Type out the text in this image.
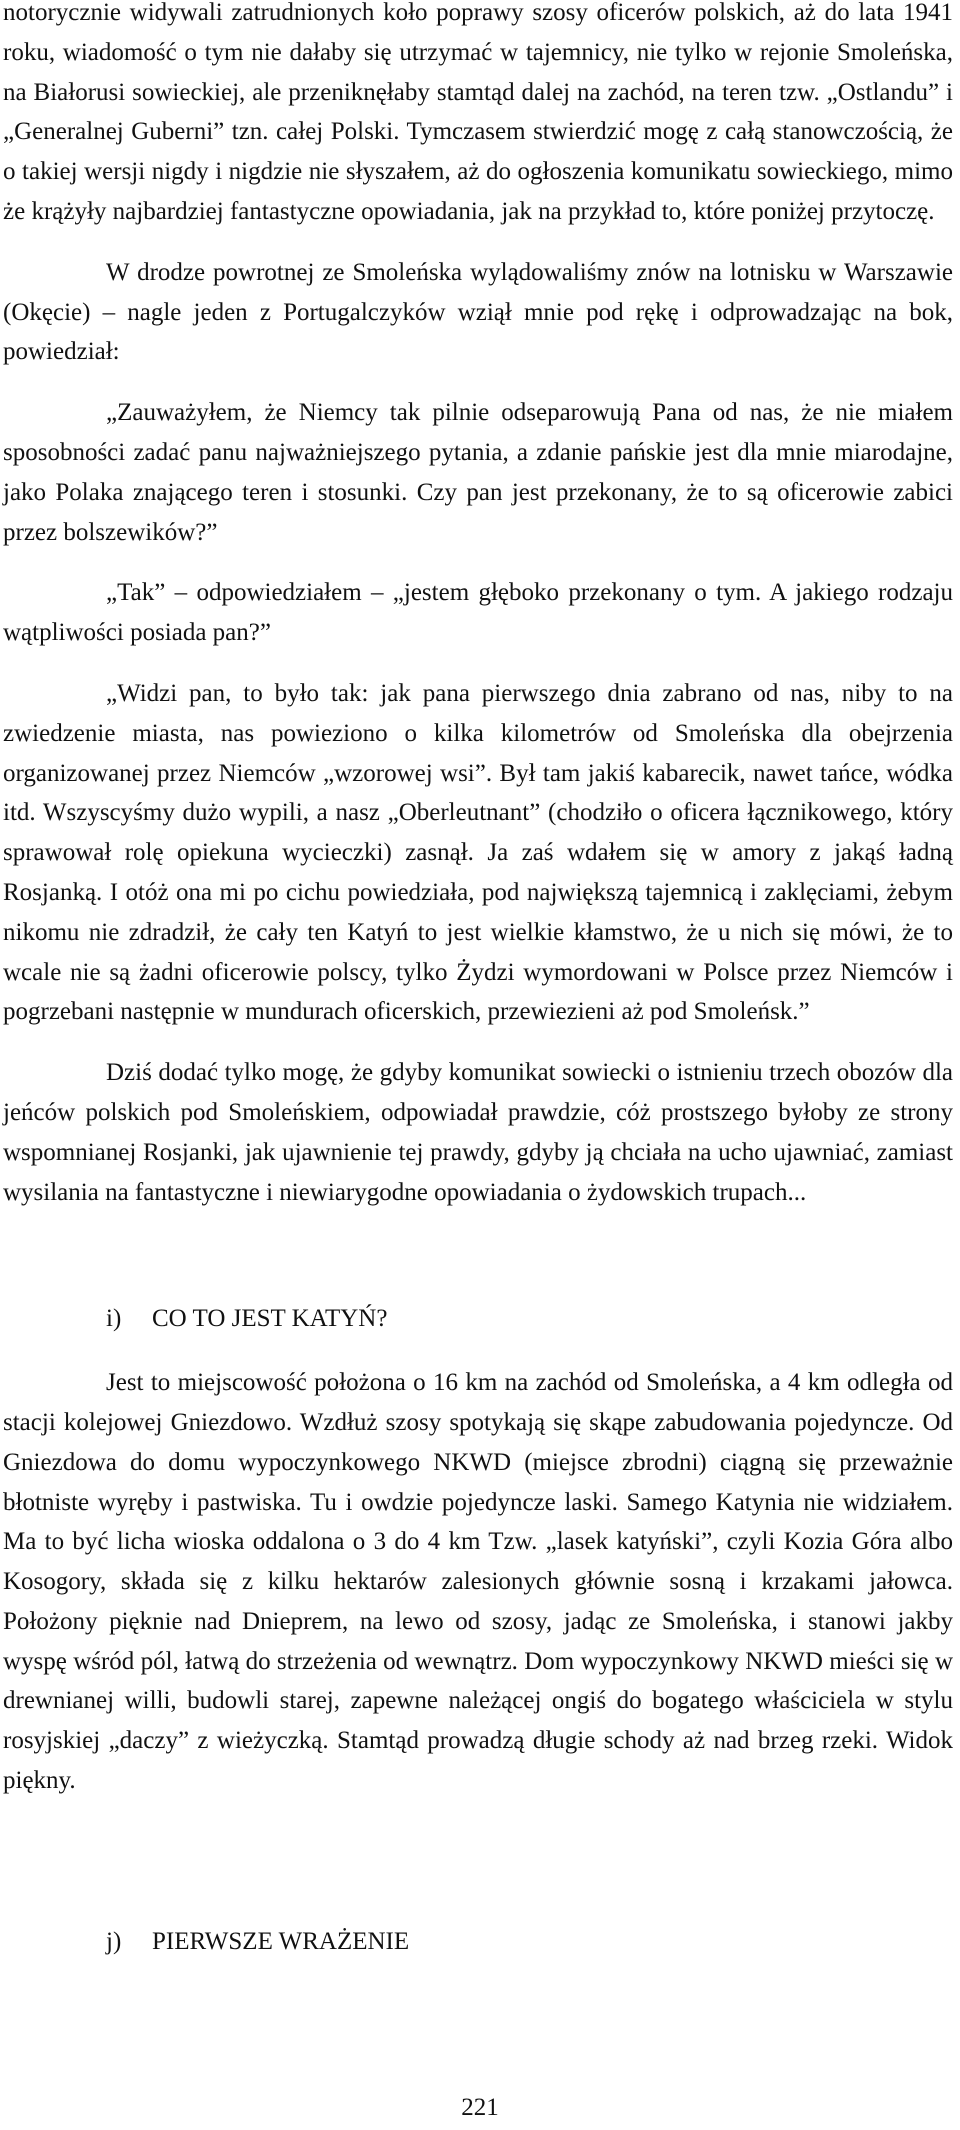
notorycznie widywali zatrudnionych koło poprawy szosy oficerów polskich, aż do lata 1941 roku, wiadomość o tym nie dałaby się utrzymać w tajemnicy, nie tylko w rejonie Smoleńska, na Białorusi sowieckiej, ale przeniknęłaby stamtąd dalej na zachód, na teren tzw. „Ostlandu” i „Generalnej Guberni” tzn. całej Polski. Tymczasem stwierdzić mogę z całą stanowczością, że o takiej wersji nigdy i nigdzie nie słyszałem, aż do ogłoszenia komunikatu sowieckiego, mimo że krążyły najbardziej fantastyczne opowiadania, jak na przykład to, które poniżej przytoczę.

W drodze powrotnej ze Smoleńska wylądowaliśmy znów na lotnisku w Warszawie (Okęcie) – nagle jeden z Portugalczyków wziął mnie pod rękę i odprowadzając na bok, powiedział:

„Zauważyłem, że Niemcy tak pilnie odseparowują Pana od nas, że nie miałem sposobności zadać panu najważniejszego pytania, a zdanie pańskie jest dla mnie miarodajne, jako Polaka znającego teren i stosunki. Czy pan jest przekonany, że to są oficerowie zabici przez bolszewików?”

„Tak” – odpowiedziałem – „jestem głęboko przekonany o tym. A jakiego rodzaju wątpliwości posiada pan?”

„Widzi pan, to było tak: jak pana pierwszego dnia zabrano od nas, niby to na zwiedzenie miasta, nas powieziono o kilka kilometrów od Smoleńska dla obejrzenia organizowanej przez Niemców „wzorowej wsi”. Był tam jakiś kabarecik, nawet tańce, wódka itd. Wszyscyśmy dużo wypili, a nasz „Oberleutnant” (chodziło o oficera łącznikowego, który sprawował rolę opiekuna wycieczki) zasnął. Ja zaś wdałem się w amory z jakąś ładną Rosjanką. I otóż ona mi po cichu powiedziała, pod największą tajemnicą i zaklęciami, żebym nikomu nie zdradził, że cały ten Katyń to jest wielkie kłamstwo, że u nich się mówi, że to wcale nie są żadni oficerowie polscy, tylko Żydzi wymordowani w Polsce przez Niemców i pogrzebani następnie w mundurach oficerskich, przewiezieni aż pod Smoleńsk.”

Dziś dodać tylko mogę, że gdyby komunikat sowiecki o istnieniu trzech obozów dla jeńców polskich pod Smoleńskiem, odpowiadał prawdzie, cóż prostszego byłoby ze strony wspomnianej Rosjanki, jak ujawnienie tej prawdy, gdyby ją chciała na ucho ujawniać, zamiast wysilania na fantastyczne i niewiarygodne opowiadania o żydowskich trupach...

i) CO TO JEST KATYŃ?

Jest to miejscowość położona o 16 km na zachód od Smoleńska, a 4 km odległa od stacji kolejowej Gniezdowo. Wzdłuż szosy spotykają się skąpe zabudowania pojedyncze. Od Gniezdowa do domu wypoczynkowego NKWD (miejsce zbrodni) ciągną się przeważnie błotniste wyręby i pastwiska. Tu i owdzie pojedyncze laski. Samego Katynia nie widziałem. Ma to być licha wioska oddalona o 3 do 4 km Tzw. „lasek katyński”, czyli Kozia Góra albo Kosogory, składa się z kilku hektarów zalesionych głównie sosną i krzakami jałowca. Położony pięknie nad Dnieprem, na lewo od szosy, jadąc ze Smoleńska, i stanowi jakby wyspę wśród pól, łatwą do strzeżenia od wewnątrz. Dom wypoczynkowy NKWD mieści się w drewnianej willi, budowli starej, zapewne należącej ongiś do bogatego właściciela w stylu rosyjskiej „daczy” z wieżyczką. Stamtąd prowadzą długie schody aż nad brzeg rzeki. Widok piękny.

j) PIERWSZE WRAŻENIE
221
